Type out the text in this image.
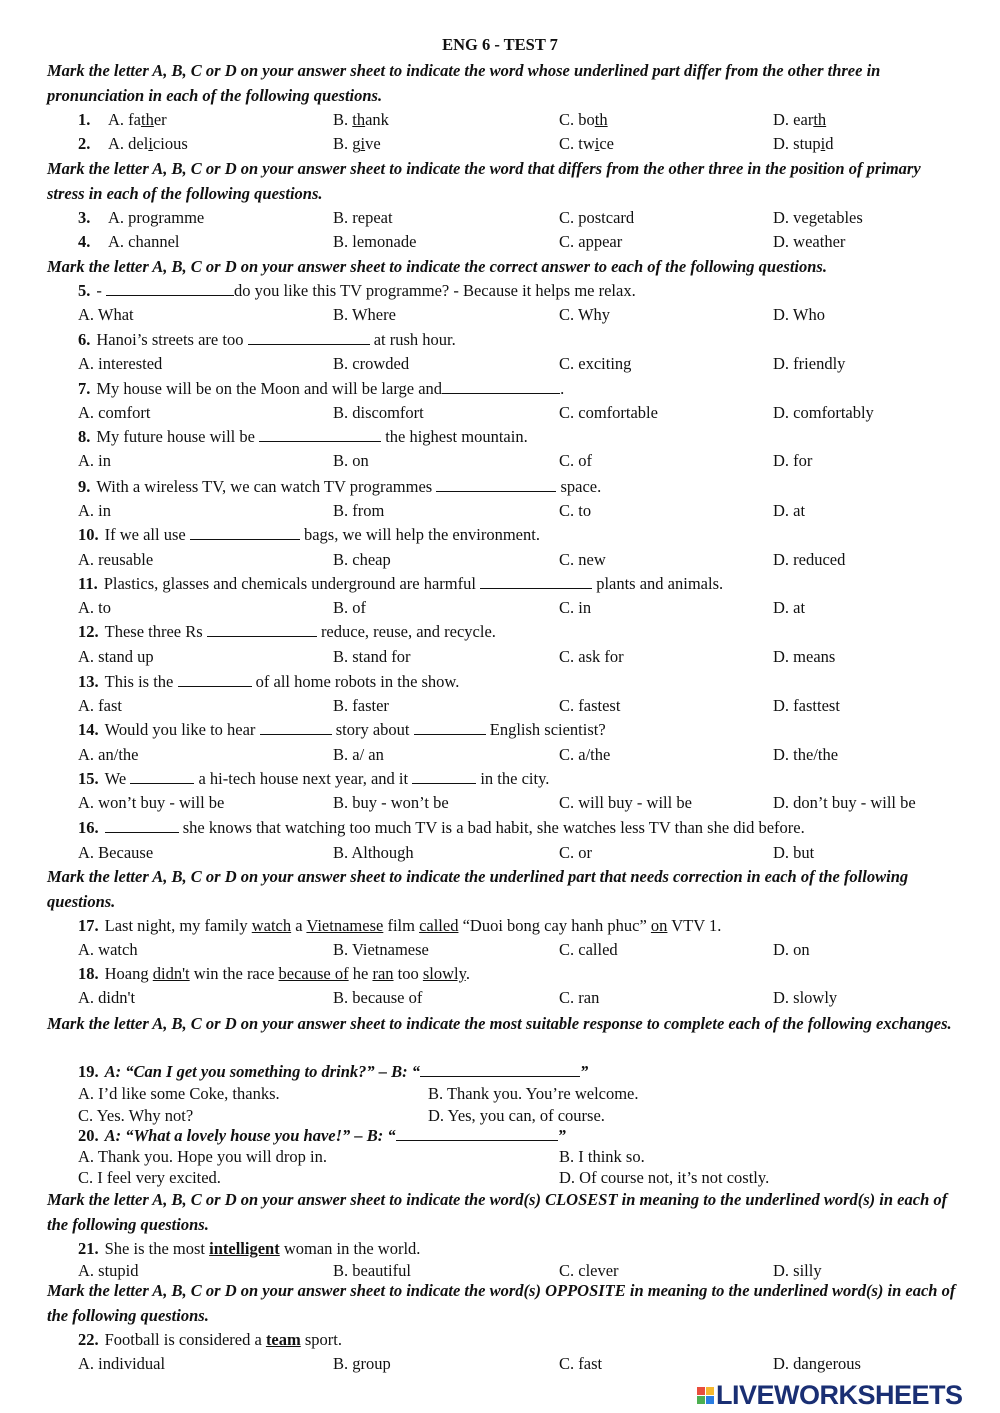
ENG 6 - TEST 7
Mark the letter A, B, C or D on your answer sheet to indicate the word whose underlined part differ from the other three in pronunciation in each of the following questions.
1. A. father	B. thank	C. both	D. earth
2. A. delicious	B. give	C. twice	D. stupid
Mark the letter A, B, C or D on your answer sheet to indicate the word that differs from the other three in the position of primary stress in each of the following questions.
3. A. programme	B. repeat	C. postcard	D. vegetables
4. A. channel	B. lemonade	C. appear	D. weather
Mark the letter A, B, C or D on your answer sheet to indicate the correct answer to each of the following questions.
5. -	do you like this TV programme? - Because it helps me relax.
A. What	B. Where	C. Why	D. Who
6. Hanoi’s streets are too	at rush hour.
A. interested	B. crowded	C. exciting	D. friendly
7. My house will be on the Moon and will be large and	.
A. comfort	B. discomfort	C. comfortable	D. comfortably
8. My future house will be	the highest mountain.
A. in	B. on	C. of	D. for
9. With a wireless TV, we can watch TV programmes	space.
A. in	B. from	C. to	D. at
10. If we all use	bags, we will help the environment.
A. reusable	B. cheap	C. new	D. reduced
11. Plastics, glasses and chemicals underground are harmful	plants and animals.
A. to	B. of	C. in	D. at
12. These three Rs	reduce, reuse, and recycle.
A. stand up	B. stand for	C. ask for	D. means
13. This is the	of all home robots in the show.
A. fast	B. faster	C. fastest	D. fasttest
14. Would you like to hear	story about	English scientist?
A. an/the	B. a/ an	C. a/the	D. the/the
15. We	a hi-tech house next year, and it	in the city.
A. won’t buy - will be	B. buy - won’t be	C. will buy - will be	D. don’t buy - will be
16.	she knows that watching too much TV is a bad habit, she watches less TV than she did before.
A. Because	B. Although	C. or	D. but
Mark the letter A, B, C or D on your answer sheet to indicate the underlined part that needs correction in each of the following questions.
17. Last night, my family watch a Vietnamese film called “Duoi bong cay hanh phuc” on VTV 1.
A. watch	B. Vietnamese	C. called	D. on
18. Hoang didn't win the race because of he ran too slowly.
A. didn't	B. because of	C. ran	D. slowly
Mark the letter A, B, C or D on your answer sheet to indicate the most suitable response to complete each of the following exchanges.
19. A: “Can I get you something to drink?” – B: “	”
A. I’d like some Coke, thanks.	B. Thank you. You’re welcome.
C. Yes. Why not?	D. Yes, you can, of course.
20. A: “What a lovely house you have!” – B: “	”
A. Thank you. Hope you will drop in.	B. I think so.
C. I feel very excited.	D. Of course not, it’s not costly.
Mark the letter A, B, C or D on your answer sheet to indicate the word(s) CLOSEST in meaning to the underlined word(s) in each of the following questions.
21. She is the most intelligent woman in the world.
A. stupid	B. beautiful	C. clever	D. silly
Mark the letter A, B, C or D on your answer sheet to indicate the word(s) OPPOSITE in meaning to the underlined word(s) in each of the following questions.
22. Football is considered a team sport.
A. individual	B. group	C. fast	D. dangerous
LIVEWORKSHEETS
